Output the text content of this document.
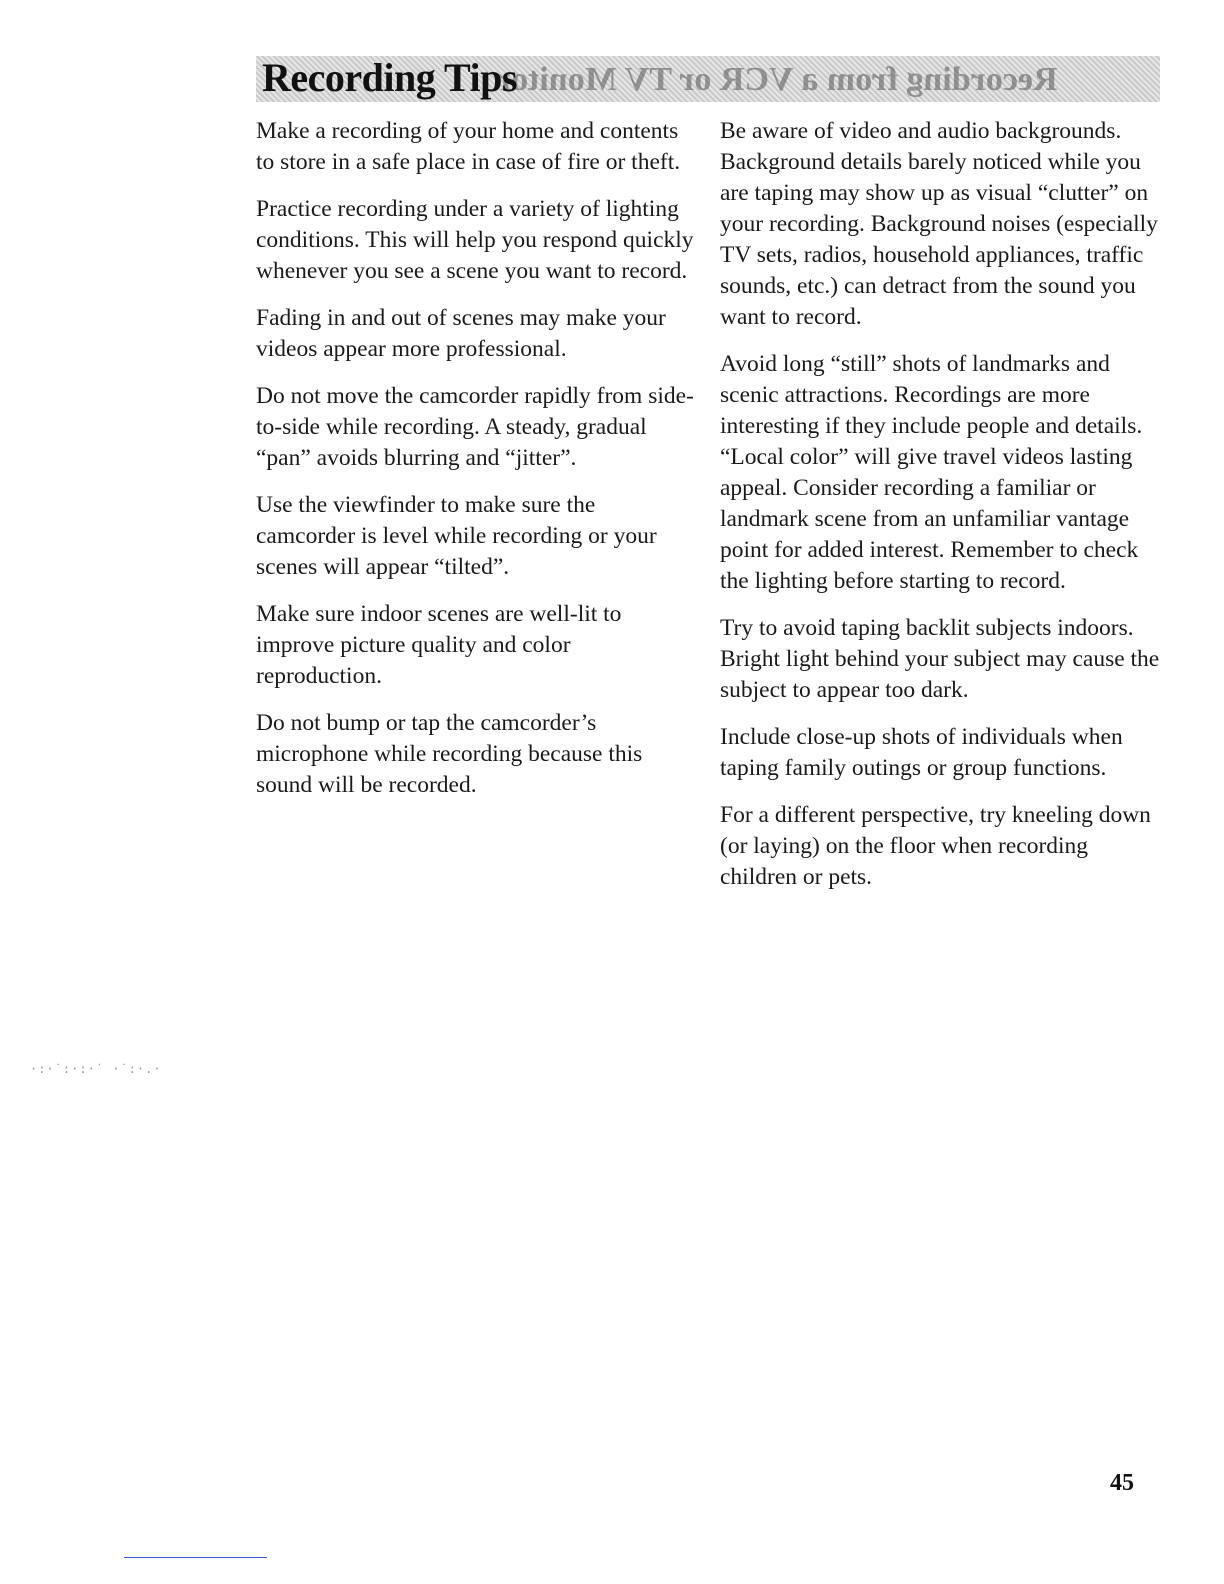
Recording from a VCR or TV Monitor
Recording Tips

Make a recording of your home and contents to store in a safe place in case of fire or theft.

Practice recording under a variety of lighting conditions. This will help you respond quickly whenever you see a scene you want to record.

Fading in and out of scenes may make your videos appear more professional.

Do not move the camcorder rapidly from side-to-side while recording. A steady, gradual “pan” avoids blurring and “jitter”.

Use the viewfinder to make sure the camcorder is level while recording or your scenes will appear “tilted”.

Make sure indoor scenes are well-lit to improve picture quality and color reproduction.

Do not bump or tap the camcorder’s microphone while recording because this sound will be recorded.

Be aware of video and audio backgrounds. Background details barely noticed while you are taping may show up as visual “clutter” on your recording. Background noises (especially TV sets, radios, household appliances, traffic sounds, etc.) can detract from the sound you want to record.

Avoid long “still” shots of landmarks and scenic attractions. Recordings are more interesting if they include people and details. “Local color” will give travel videos lasting appeal. Consider recording a familiar or landmark scene from an unfamiliar vantage point for added interest. Remember to check the lighting before starting to record.

Try to avoid taping backlit subjects indoors. Bright light behind your subject may cause the subject to appear too dark.

Include close-up shots of individuals when taping family outings or group functions.

For a different perspective, try kneeling down (or laying) on the floor when recording children or pets.

·:·˙:·:·˙ ·˙:·.·
45
